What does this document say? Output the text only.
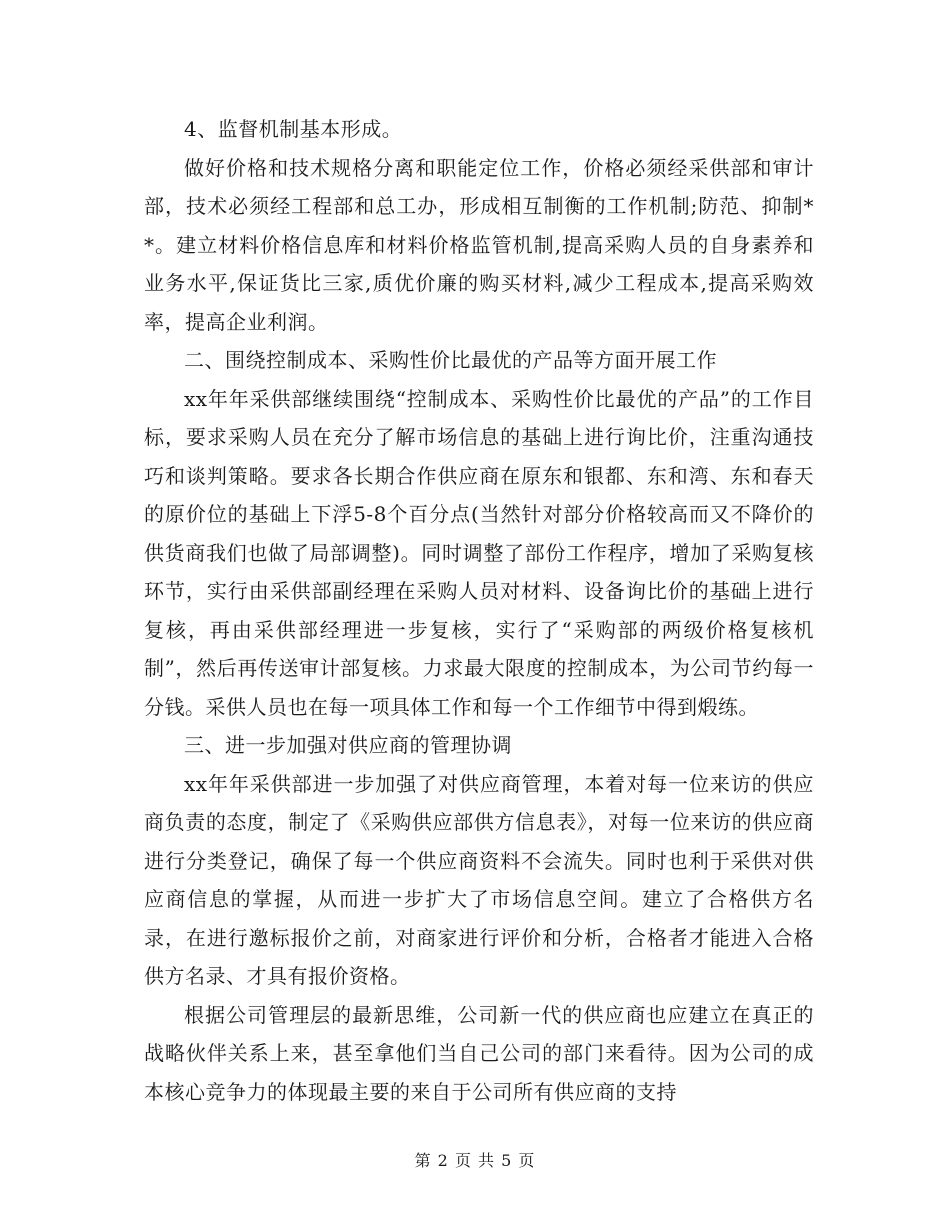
4、监督机制基本形成。

做好价格和技术规格分离和职能定位工作，价格必须经采供部和审计部，技术必须经工程部和总工办，形成相互制衡的工作机制;防范、抑制**。建立材料价格信息库和材料价格监管机制,提高采购人员的自身素养和业务水平,保证货比三家,质优价廉的购买材料,减少工程成本,提高采购效率，提高企业利润。

二、围绕控制成本、采购性价比最优的产品等方面开展工作

xx年年采供部继续围绕“控制成本、采购性价比最优的产品”的工作目标，要求采购人员在充分了解市场信息的基础上进行询比价，注重沟通技巧和谈判策略。要求各长期合作供应商在原东和银都、东和湾、东和春天的原价位的基础上下浮5-8个百分点(当然针对部分价格较高而又不降价的供货商我们也做了局部调整)。同时调整了部份工作程序，增加了采购复核环节，实行由采供部副经理在采购人员对材料、设备询比价的基础上进行复核，再由采供部经理进一步复核，实行了“采购部的两级价格复核机制”，然后再传送审计部复核。力求最大限度的控制成本，为公司节约每一分钱。采供人员也在每一项具体工作和每一个工作细节中得到煅练。

三、进一步加强对供应商的管理协调

xx年年采供部进一步加强了对供应商管理，本着对每一位来访的供应商负责的态度，制定了《采购供应部供方信息表》，对每一位来访的供应商进行分类登记，确保了每一个供应商资料不会流失。同时也利于采供对供应商信息的掌握，从而进一步扩大了市场信息空间。建立了合格供方名录，在进行邀标报价之前，对商家进行评价和分析，合格者才能进入合格供方名录、才具有报价资格。

根据公司管理层的最新思维，公司新一代的供应商也应建立在真正的战略伙伴关系上来，甚至拿他们当自己公司的部门来看待。因为公司的成本核心竞争力的体现最主要的来自于公司所有供应商的支持

第 2 页 共 5 页
